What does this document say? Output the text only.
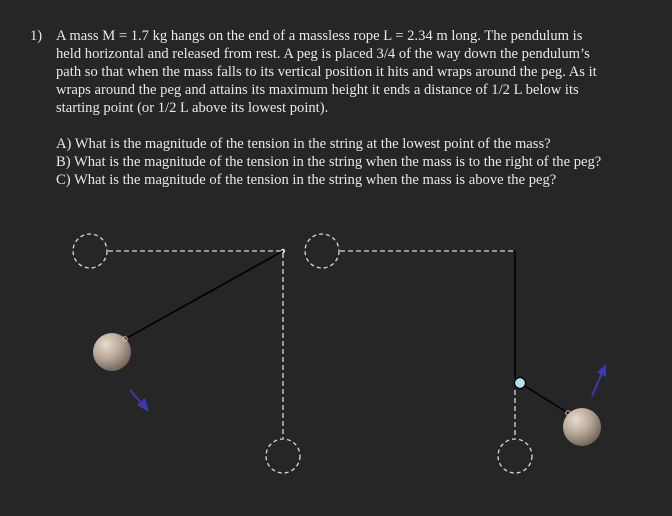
1) A mass M = 1.7 kg hangs on the end of a massless rope L = 2.34 m long. The pendulum is
held horizontal and released from rest. A peg is placed 3/4 of the way down the pendulum’s
path so that when the mass falls to its vertical position it hits and wraps around the peg. As it
wraps around the peg and attains its maximum height it ends a distance of 1/2 L below its
starting point (or 1/2 L above its lowest point).
A) What is the magnitude of the tension in the string at the lowest point of the mass?
B) What is the magnitude of the tension in the string when the mass is to the right of the peg?
C) What is the magnitude of the tension in the string when the mass is above the peg?
